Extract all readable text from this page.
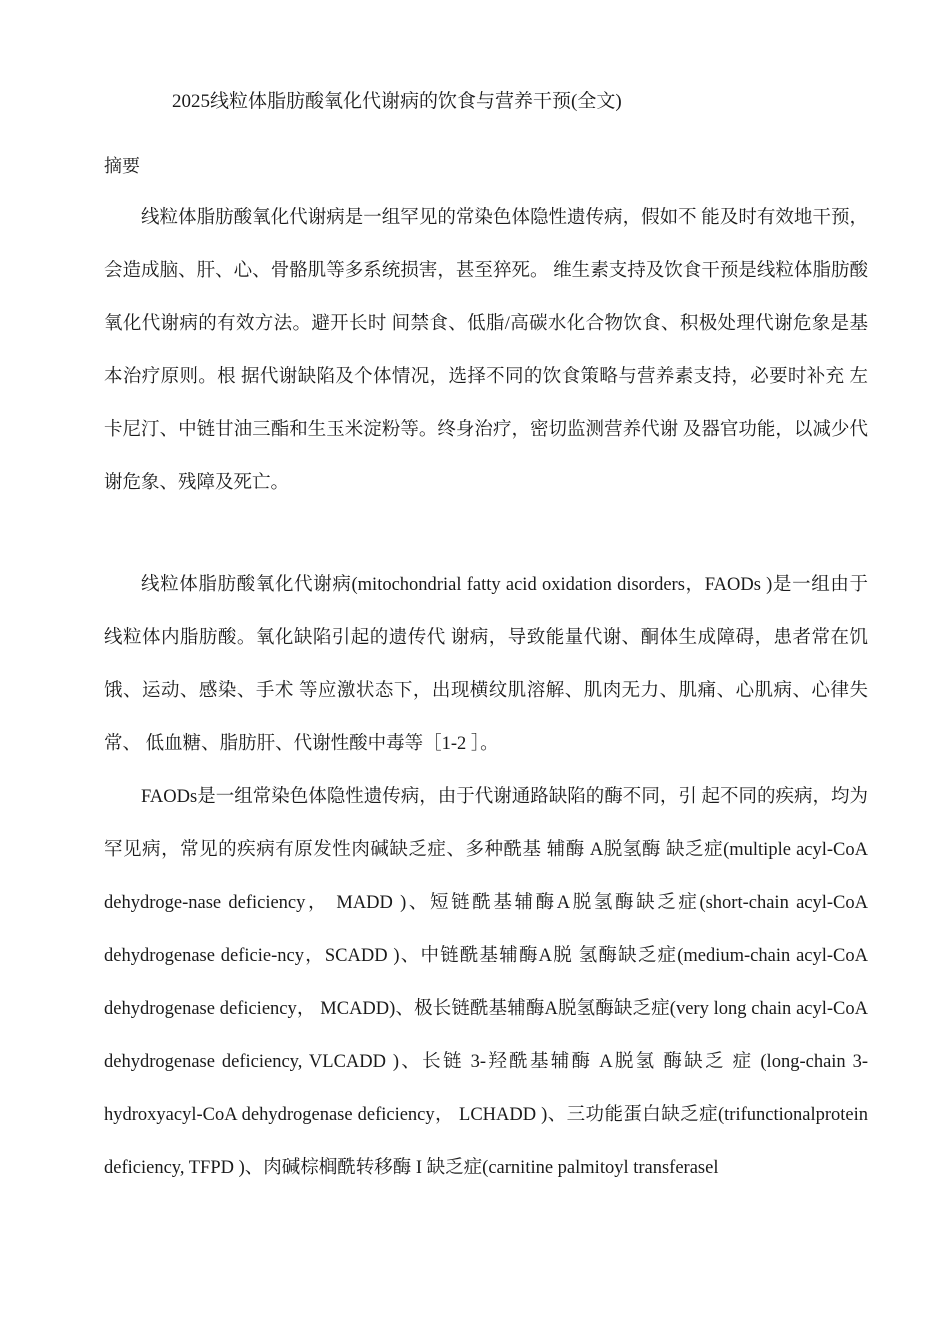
2025线粒体脂肪酸氧化代谢病的饮食与营养干预(全文)
摘要

线粒体脂肪酸氧化代谢病是一组罕见的常染色体隐性遗传病，假如不 能及时有效地干预，会造成脑、肝、心、骨骼肌等多系统损害，甚至猝死。 维生素支持及饮食干预是线粒体脂肪酸氧化代谢病的有效方法。避开长时 间禁食、低脂/高碳水化合物饮食、积极处理代谢危象是基本治疗原则。根 据代谢缺陷及个体情况，选择不同的饮食策略与营养素支持，必要时补充 左卡尼汀、中链甘油三酯和生玉米淀粉等。终身治疗，密切监测营养代谢 及器官功能，以减少代谢危象、残障及死亡。

线粒体脂肪酸氧化代谢病(mitochondrial fatty acid oxidation disorders，FAODs )是一组由于线粒体内脂肪酸。氧化缺陷引起的遗传代 谢病，导致能量代谢、酮体生成障碍，患者常在饥饿、运动、感染、手术 等应激状态下，出现横纹肌溶解、肌肉无力、肌痛、心肌病、心律失常、 低血糖、脂肪肝、代谢性酸中毒等［1-2 ］。

FAODs是一组常染色体隐性遗传病，由于代谢通路缺陷的酶不同，引 起不同的疾病，均为罕见病，常见的疾病有原发性肉碱缺乏症、多种酰基 辅酶 A脱氢酶 缺乏症(multiple acyl-CoA dehydroge-nase deficiency， MADD )、短链酰基辅酶A脱氢酶缺乏症(short-chain acyl-CoA dehydrogenase deficie-ncy，SCADD )、中链酰基辅酶A脱 氢酶缺乏症(medium-chain acyl-CoA dehydrogenase deficiency， MCADD)、极长链酰基辅酶A脱氢酶缺乏症(very long chain acyl-CoA dehydrogenase deficiency, VLCADD )、长链 3-羟酰基辅酶 A脱氢 酶缺乏 症 (long-chain 3-hydroxyacyl-CoA dehydrogenase deficiency， LCHADD )、三功能蛋白缺乏症(trifunctionalprotein deficiency, TFPD )、肉碱棕榈酰转移酶 I 缺乏症(carnitine palmitoyl transferasel
